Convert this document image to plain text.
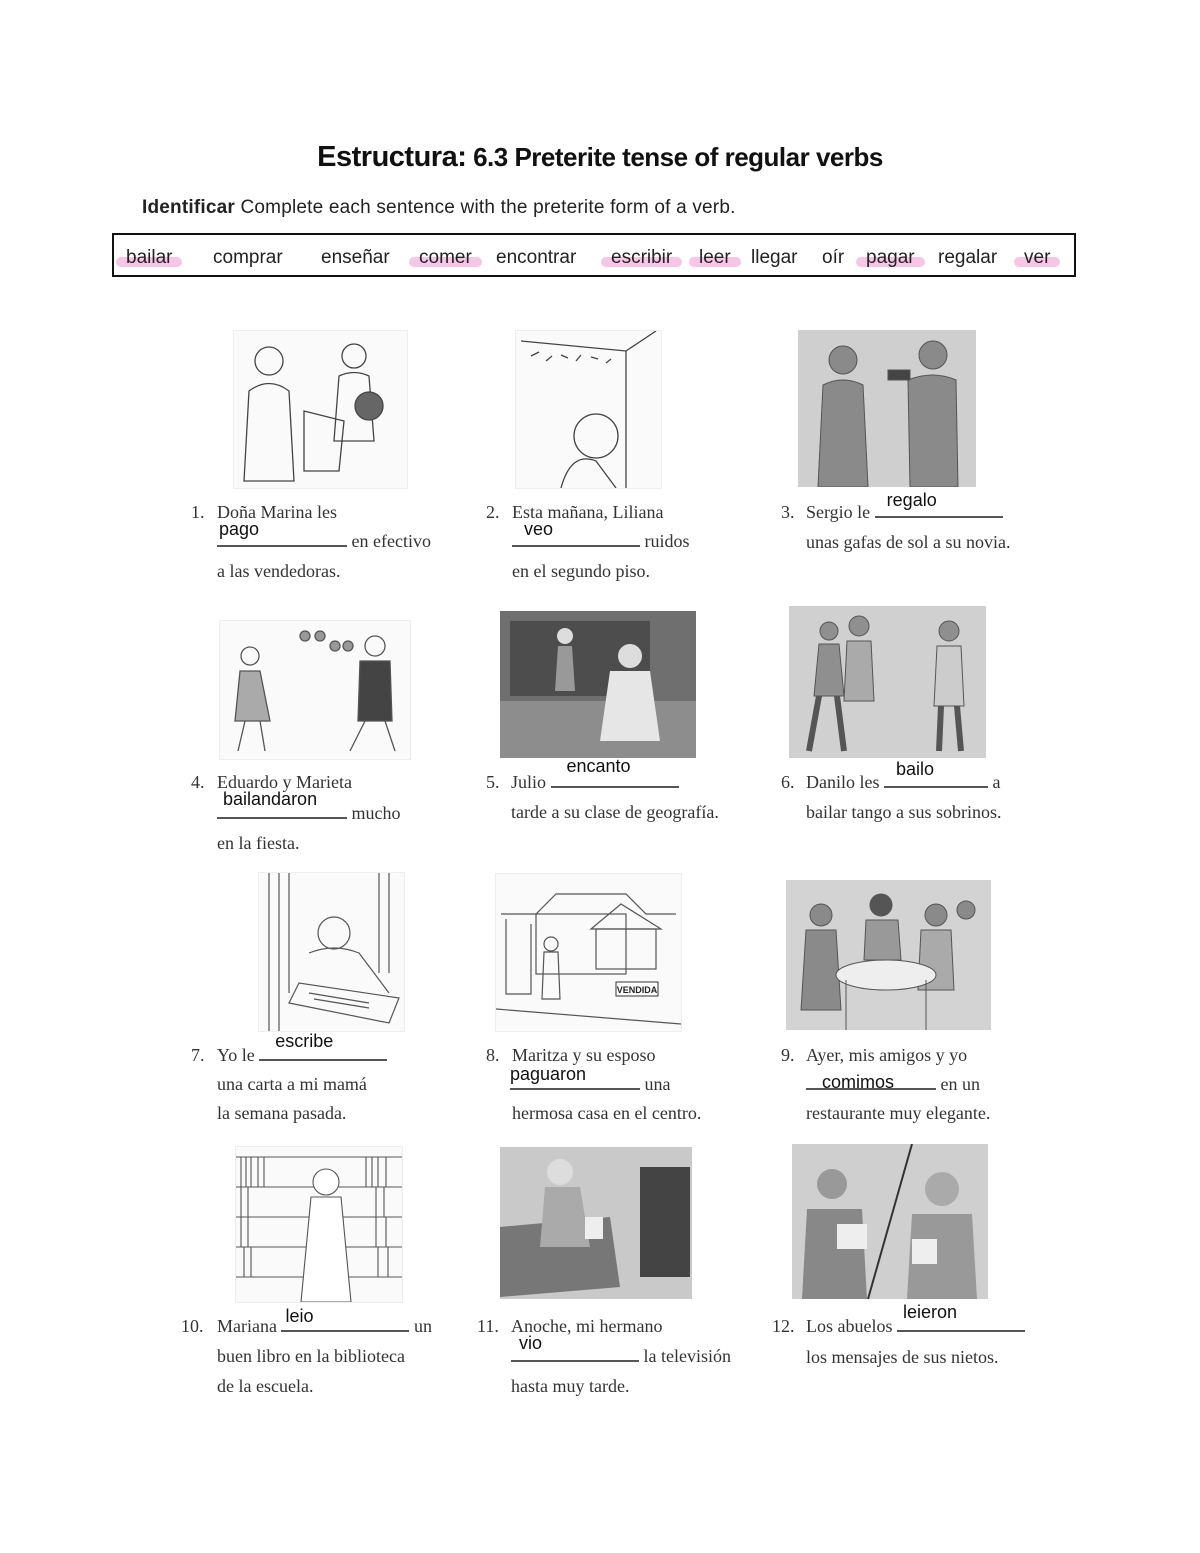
Estructura: 6.3 Preterite tense of regular verbs
Identificar Complete each sentence with the preterite form of a verb.
bailar comprar enseñar comer encontrar escribir leer llegar oír pagar regalar ver
1. Doña Marina les
pago
en efectivo
a las vendedoras.
2. Esta mañana, Liliana
veo
ruidos
en el segundo piso.
3. Sergio le
regalo
unas gafas de sol a su novia.
4. Eduardo y Marieta
bailandaron
mucho
en la fiesta.
5. Julio
encanto
tarde a su clase de geografía.
6. Danilo les
bailo
a
bailar tango a sus sobrinos.
VENDIDA
7. Yo le
escribe
una carta a mi mamá
la semana pasada.
8. Maritza y su esposo
paguaron	una
hermosa casa en el centro.
9. Ayer, mis amigos y yo
comimos	en un
restaurante muy elegante.
10. Mariana leio	un
buen libro en la biblioteca
de la escuela.
11. Anoche, mi hermano
vio
la televisión
hasta muy tarde.
12. Los abuelos
leieron
los mensajes de sus nietos.
